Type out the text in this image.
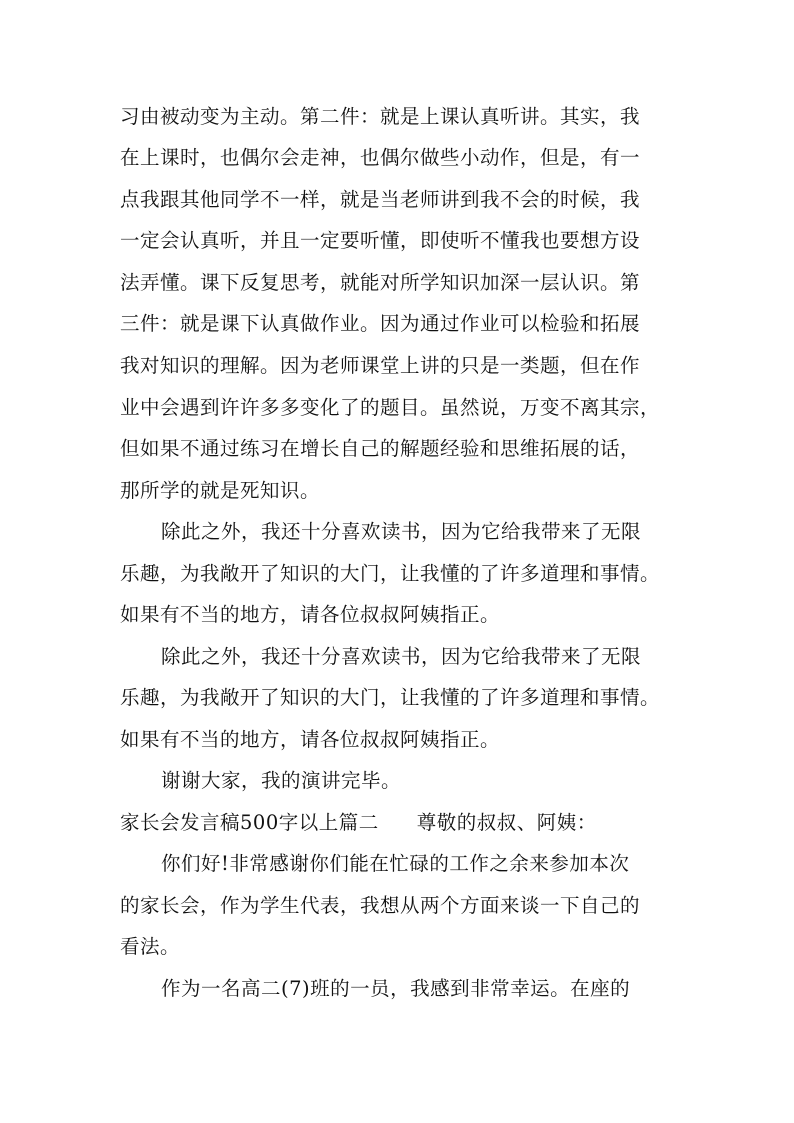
习由被动变为主动。第二件：就是上课认真听讲。其实，我
在上课时，也偶尔会走神，也偶尔做些小动作，但是，有一
点我跟其他同学不一样，就是当老师讲到我不会的时候，我
一定会认真听，并且一定要听懂，即使听不懂我也要想方设
法弄懂。课下反复思考，就能对所学知识加深一层认识。第
三件：就是课下认真做作业。因为通过作业可以检验和拓展
我对知识的理解。因为老师课堂上讲的只是一类题，但在作
业中会遇到许许多多变化了的题目。虽然说，万变不离其宗，
但如果不通过练习在增长自己的解题经验和思维拓展的话，
那所学的就是死知识。
除此之外，我还十分喜欢读书，因为它给我带来了无限
乐趣，为我敞开了知识的大门，让我懂的了许多道理和事情。
如果有不当的地方，请各位叔叔阿姨指正。
除此之外，我还十分喜欢读书，因为它给我带来了无限
乐趣，为我敞开了知识的大门，让我懂的了许多道理和事情。
如果有不当的地方，请各位叔叔阿姨指正。
谢谢大家，我的演讲完毕。
家长会发言稿500字以上篇二 尊敬的叔叔、阿姨：
你们好!非常感谢你们能在忙碌的工作之余来参加本次
的家长会，作为学生代表，我想从两个方面来谈一下自己的
看法。
作为一名高二(7)班的一员，我感到非常幸运。在座的
